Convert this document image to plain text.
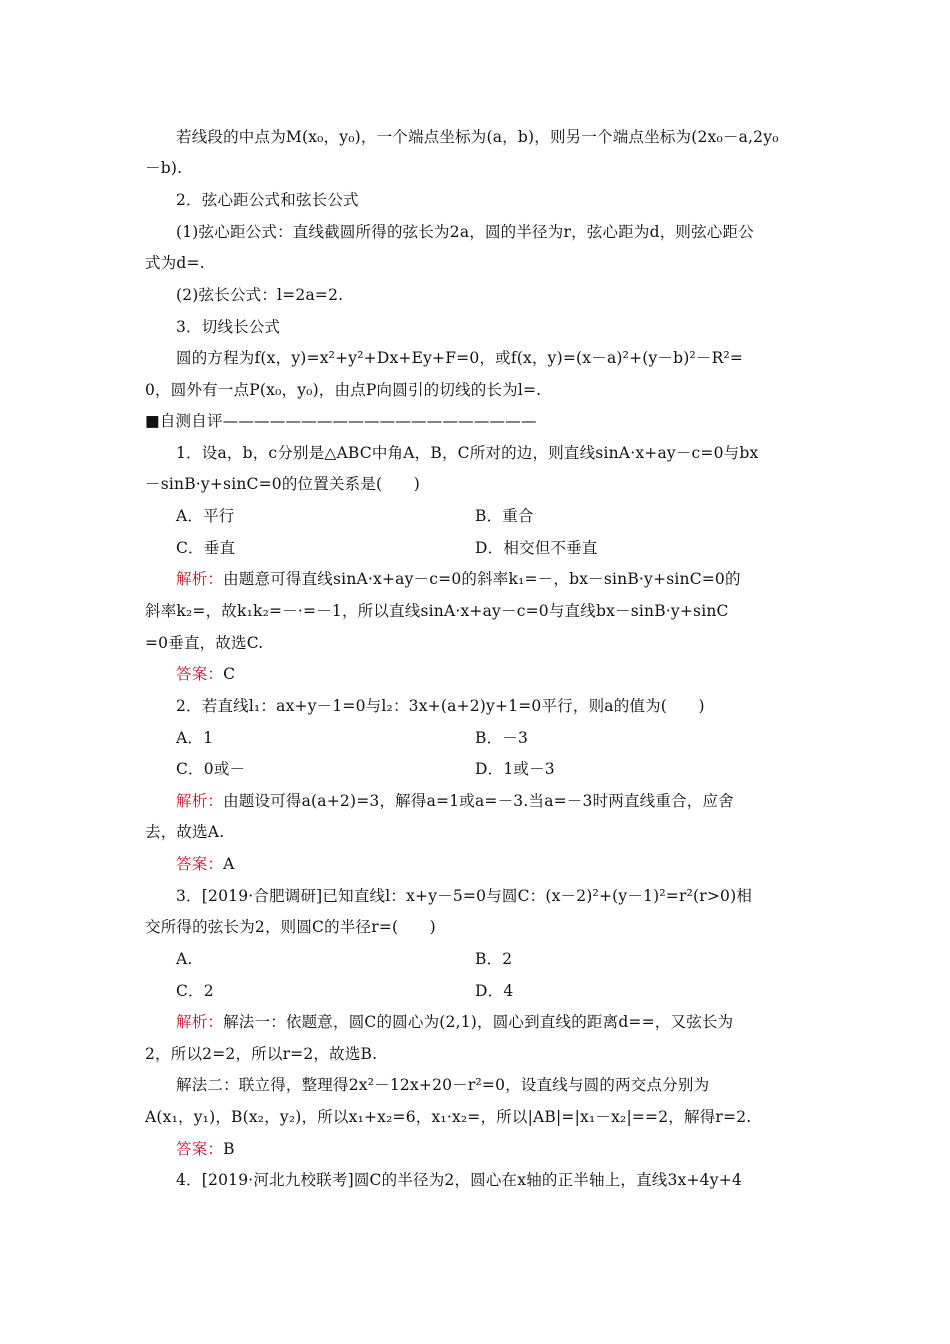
若线段的中点为M(x₀，y₀)，一个端点坐标为(a，b)，则另一个端点坐标为(2x₀－a,2y₀
－b).
2．弦心距公式和弦长公式
(1)弦心距公式：直线截圆所得的弦长为2a，圆的半径为r，弦心距为d，则弦心距公
式为d=.
(2)弦长公式：l=2a=2.
3．切线长公式
圆的方程为f(x，y)=x²+y²+Dx+Ey+F=0，或f(x，y)=(x－a)²+(y－b)²－R²=
0，圆外有一点P(x₀，y₀)，由点P向圆引的切线的长为l=.
■自测自评————————————————————
1．设a，b，c分别是△ABC中角A，B，C所对的边，则直线sinA·x+ay－c=0与bx
－sinB·y+sinC=0的位置关系是(　　)
A．平行	B．重合
C．垂直	D．相交但不垂直
解析：由题意可得直线sinA·x+ay－c=0的斜率k₁=－，bx－sinB·y+sinC=0的
斜率k₂=，故k₁k₂=－·=－1，所以直线sinA·x+ay－c=0与直线bx－sinB·y+sinC
=0垂直，故选C.
答案：C
2．若直线l₁：ax+y－1=0与l₂：3x+(a+2)y+1=0平行，则a的值为(　　)
A．1	B．－3
C．0或－	D．1或－3
解析：由题设可得a(a+2)=3，解得a=1或a=－3.当a=－3时两直线重合，应舍
去，故选A.
答案：A
3．[2019·合肥调研]已知直线l：x+y－5=0与圆C：(x－2)²+(y－1)²=r²(r>0)相
交所得的弦长为2，则圆C的半径r=(　　)
A.	B．2
C．2	D．4
解析：解法一：依题意，圆C的圆心为(2,1)，圆心到直线的距离d==，又弦长为
2，所以2=2，所以r=2，故选B.
解法二：联立得，整理得2x²－12x+20－r²=0，设直线与圆的两交点分别为
A(x₁，y₁)，B(x₂，y₂)，所以x₁+x₂=6，x₁·x₂=，所以|AB|=|x₁－x₂|==2，解得r=2.
答案：B
4．[2019·河北九校联考]圆C的半径为2，圆心在x轴的正半轴上，直线3x+4y+4
